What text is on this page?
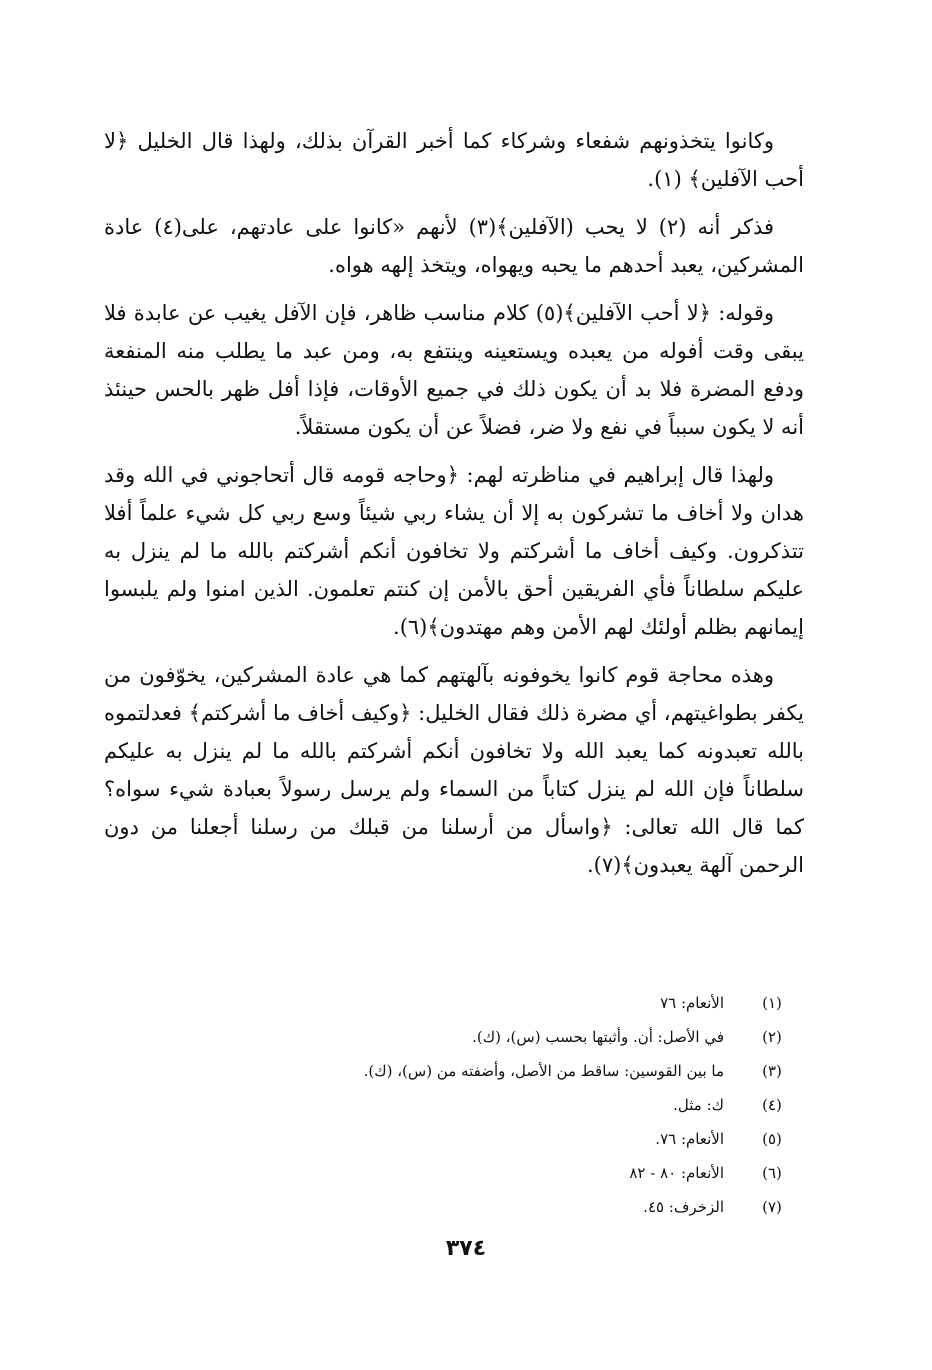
وكانوا يتخذونهم شفعاء وشركاء كما أخبر القرآن بذلك، ولهذا قال الخليل ﴿لا أحب الآفلين﴾ (١).

فذكر أنه (٢) لا يحب (الآفلين﴾(٣) لأنهم «كانوا على عادتهم، على(٤) عادة المشركين، يعبد أحدهم ما يحبه ويهواه، ويتخذ إلهه هواه.

وقوله: ﴿لا أحب الآفلين﴾(٥) كلام مناسب ظاهر، فإن الآفل يغيب عن عابدة فلا يبقى وقت أفوله من يعبده ويستعينه وينتفع به، ومن عبد ما يطلب منه المنفعة ودفع المضرة فلا بد أن يكون ذلك في جميع الأوقات، فإذا أفل ظهر بالحس حينئذ أنه لا يكون سبباً في نفع ولا ضر، فضلاً عن أن يكون مستقلاً.

ولهذا قال إبراهيم في مناظرته لهم: ﴿وحاجه قومه قال أتحاجوني في الله وقد هدان ولا أخاف ما تشركون به إلا أن يشاء ربي شيئاً وسع ربي كل شيء علماً أفلا تتذكرون. وكيف أخاف ما أشركتم ولا تخافون أنكم أشركتم بالله ما لم ينزل به عليكم سلطاناً فأي الفريقين أحق بالأمن إن كنتم تعلمون. الذين امنوا ولم يلبسوا إيمانهم بظلم أولئك لهم الأمن وهم مهتدون﴾(٦).

وهذه محاجة قوم كانوا يخوفونه بآلهتهم كما هي عادة المشركين، يخوّفون من يكفر بطواغيتهم، أي مضرة ذلك فقال الخليل: ﴿وكيف أخاف ما أشركتم﴾ فعدلتموه بالله تعبدونه كما يعبد الله ولا تخافون أنكم أشركتم بالله ما لم ينزل به عليكم سلطاناً فإن الله لم ينزل كتاباً من السماء ولم يرسل رسولاً بعبادة شيء سواه؟ كما قال الله تعالى: ﴿واسأل من أرسلنا من قبلك من رسلنا أجعلنا من دون الرحمن آلهة يعبدون﴾(٧).

(١)
الأنعام: ٧٦
(٢)
في الأصل: أن. وأثبتها بحسب (س)، (ك).
(٣)
ما بين القوسين: ساقط من الأصل، وأضفته من (س)، (ك).
(٤)
ك: مثل.
(٥)
الأنعام: ٧٦.
(٦)
الأنعام: ٨٠ - ٨٢
(٧)
الزخرف: ٤٥.
٣٧٤
